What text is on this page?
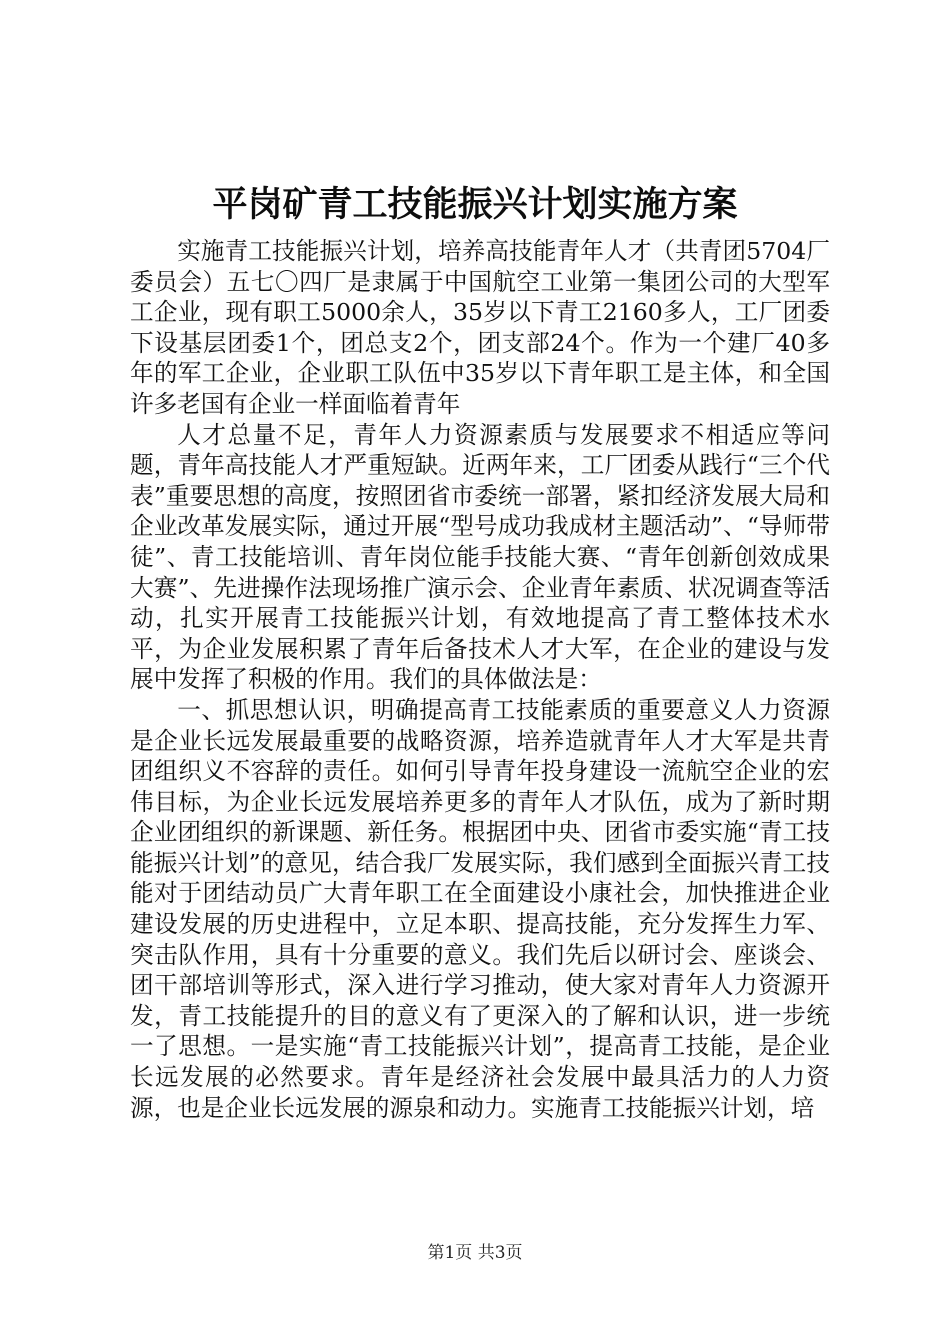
平岗矿青工技能振兴计划实施方案

实施青工技能振兴计划，培养高技能青年人才（共青团5704厂委员会）五七〇四厂是隶属于中国航空工业第一集团公司的大型军工企业，现有职工5000余人，35岁以下青工2160多人，工厂团委下设基层团委1个，团总支2个，团支部24个。作为一个建厂40多年的军工企业，企业职工队伍中35岁以下青年职工是主体，和全国许多老国有企业一样面临着青年

人才总量不足，青年人力资源素质与发展要求不相适应等问题，青年高技能人才严重短缺。近两年来，工厂团委从践行“三个代表”重要思想的高度，按照团省市委统一部署，紧扣经济发展大局和企业改革发展实际，通过开展“型号成功我成材主题活动”、“导师带徒”、青工技能培训、青年岗位能手技能大赛、“青年创新创效成果大赛”、先进操作法现场推广演示会、企业青年素质、状况调查等活动，扎实开展青工技能振兴计划，有效地提高了青工整体技术水平，为企业发展积累了青年后备技术人才大军，在企业的建设与发展中发挥了积极的作用。我们的具体做法是：

一、抓思想认识，明确提高青工技能素质的重要意义人力资源是企业长远发展最重要的战略资源，培养造就青年人才大军是共青团组织义不容辞的责任。如何引导青年投身建设一流航空企业的宏伟目标，为企业长远发展培养更多的青年人才队伍，成为了新时期企业团组织的新课题、新任务。根据团中央、团省市委实施“青工技能振兴计划”的意见，结合我厂发展实际，我们感到全面振兴青工技能对于团结动员广大青年职工在全面建设小康社会，加快推进企业建设发展的历史进程中，立足本职、提高技能，充分发挥生力军、突击队作用，具有十分重要的意义。我们先后以研讨会、座谈会、团干部培训等形式，深入进行学习推动，使大家对青年人力资源开发，青工技能提升的目的意义有了更深入的了解和认识，进一步统一了思想。一是实施“青工技能振兴计划”，提高青工技能，是企业长远发展的必然要求。青年是经济社会发展中最具活力的人力资源，也是企业长远发展的源泉和动力。实施青工技能振兴计划，培

第1页 共3页
